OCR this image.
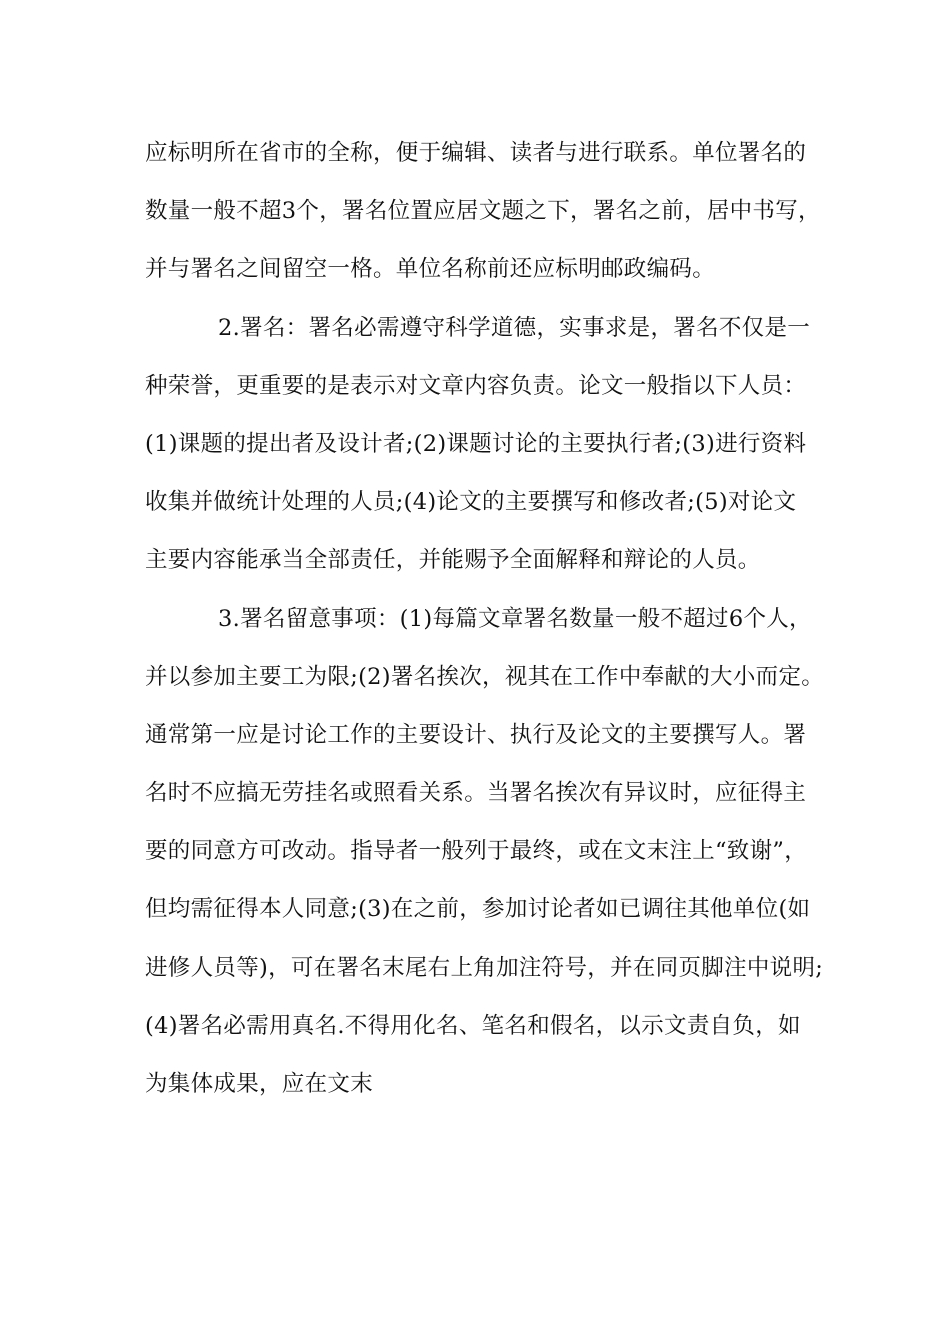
应标明所在省市的全称，便于编辑、读者与进行联系。单位署名的
数量一般不超3个，署名位置应居文题之下，署名之前，居中书写，
并与署名之间留空一格。单位名称前还应标明邮政编码。
2.署名：署名必需遵守科学道德，实事求是，署名不仅是一
种荣誉，更重要的是表示对文章内容负责。论文一般指以下人员：
(1)课题的提出者及设计者;(2)课题讨论的主要执行者;(3)进行资料
收集并做统计处理的人员;(4)论文的主要撰写和修改者;(5)对论文
主要内容能承当全部责任，并能赐予全面解释和辩论的人员。
3.署名留意事项：(1)每篇文章署名数量一般不超过6个人，
并以参加主要工为限;(2)署名挨次，视其在工作中奉献的大小而定。
通常第一应是讨论工作的主要设计、执行及论文的主要撰写人。署
名时不应搞无劳挂名或照看关系。当署名挨次有异议时，应征得主
要的同意方可改动。指导者一般列于最终，或在文末注上“致谢”，
但均需征得本人同意;(3)在之前，参加讨论者如已调往其他单位(如
进修人员等)，可在署名末尾右上角加注符号，并在同页脚注中说明;
(4)署名必需用真名.不得用化名、笔名和假名，以示文责自负，如
为集体成果，应在文末
